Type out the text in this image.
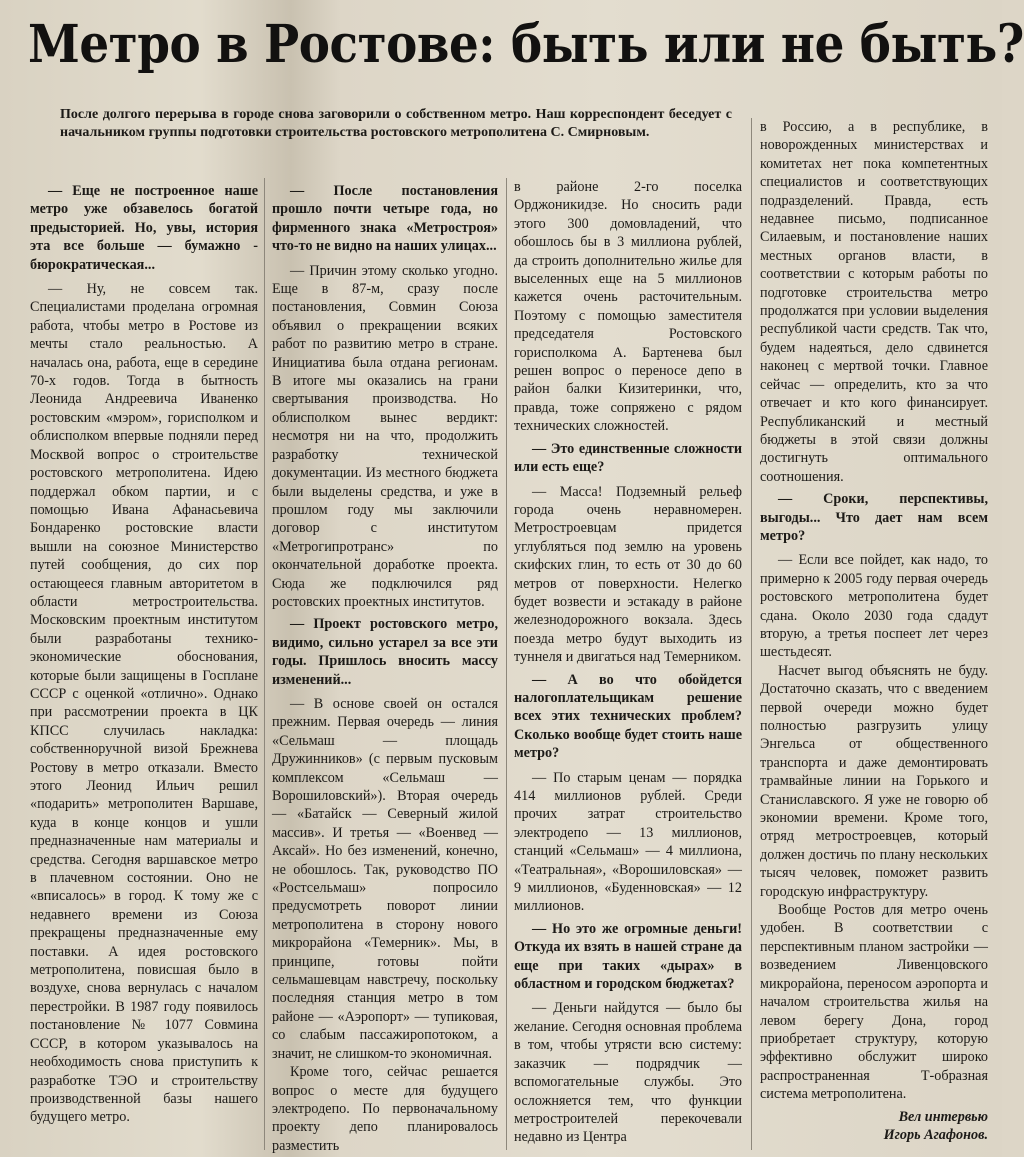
Метро в Ростове: быть или не быть?

После долгого перерыва в городе снова заговорили о собственном метро. Наш корреспондент беседует с начальником группы подготовки строительства ростовского метрополитена С. Смирновым.

— Еще не построенное наше метро уже обзавелось богатой предысторией. Но, увы, история эта все больше — бумажно - бюрократическая...

— Ну, не совсем так. Специалистами проделана огромная работа, чтобы метро в Ростове из мечты стало реальностью. А началась она, работа, еще в середине 70-х годов. Тогда в бытность Леонида Андреевича Иваненко ростовским «мэром», горисполком и облисполком впервые подняли перед Москвой вопрос о строительстве ростовского метрополитена. Идею поддержал обком партии, и с помощью Ивана Афанасьевича Бондаренко ростовские власти вышли на союзное Министерство путей сообщения, до сих пор остающееся главным авторитетом в области метростроительства. Московским проектным институтом были разработаны технико-экономические обоснования, которые были защищены в Госплане СССР с оценкой «отлично». Однако при рассмотрении проекта в ЦК КПСС случилась накладка: собственноручной визой Брежнева Ростову в метро отказали. Вместо этого Леонид Ильич решил «подарить» метрополитен Варшаве, куда в конце концов и ушли предназначенные нам материалы и средства. Сегодня варшавское метро в плачевном состоянии. Оно не «вписалось» в город. К тому же с недавнего времени из Союза прекращены предназначенные ему поставки. А идея ростовского метрополитена, повисшая было в воздухе, снова вернулась с началом перестройки. В 1987 году появилось постановление № 1077 Совмина СССР, в котором указывалось на необходимость снова приступить к разработке ТЭО и строительству производственной базы нашего будущего метро.

— После постановления прошло почти четыре года, но фирменного знака «Метростроя» что-то не видно на наших улицах...

— Причин этому сколько угодно. Еще в 87-м, сразу после постановления, Совмин Союза объявил о прекращении всяких работ по развитию метро в стране. Инициатива была отдана регионам. В итоге мы оказались на грани свертывания производства. Но облисполком вынес вердикт: несмотря ни на что, продолжить разработку технической документации. Из местного бюджета были выделены средства, и уже в прошлом году мы заключили договор с институтом «Метрогипротранс» по окончательной доработке проекта. Сюда же подключился ряд ростовских проектных институтов.

— Проект ростовского метро, видимо, сильно устарел за все эти годы. Пришлось вносить массу изменений...

— В основе своей он остался прежним. Первая очередь — линия «Сельмаш — площадь Дружинников» (с первым пусковым комплексом «Сельмаш — Ворошиловский»). Вторая очередь — «Батайск — Северный жилой массив». И третья — «Военвед — Аксай». Но без изменений, конечно, не обошлось. Так, руководство ПО «Ростсельмаш» попросило предусмотреть поворот линии метрополитена в сторону нового микрорайона «Темерник». Мы, в принципе, готовы пойти сельмашевцам навстречу, поскольку последняя станция метро в том районе — «Аэропорт» — тупиковая, со слабым пассажиропотоком, а значит, не слишком-то экономичная.

Кроме того, сейчас решается вопрос о месте для будущего электродепо. По первоначальному проекту депо планировалось разместить

в районе 2-го поселка Орджоникидзе. Но сносить ради этого 300 домовладений, что обошлось бы в 3 миллиона рублей, да строить дополнительно жилье для выселенных еще на 5 миллионов кажется очень расточительным. Поэтому с помощью заместителя председателя Ростовского горисполкома А. Бартенева был решен вопрос о переносе депо в район балки Кизитеринки, что, правда, тоже сопряжено с рядом технических сложностей.

— Это единственные сложности или есть еще?

— Масса! Подземный рельеф города очень неравномерен. Метростроевцам придется углубляться под землю на уровень скифских глин, то есть от 30 до 60 метров от поверхности. Нелегко будет возвести и эстакаду в районе железнодорожного вокзала. Здесь поезда метро будут выходить из туннеля и двигаться над Темерником.

— А во что обойдется налогоплательщикам решение всех этих технических проблем? Сколько вообще будет стоить наше метро?

— По старым ценам — порядка 414 миллионов рублей. Среди прочих затрат строительство электродепо — 13 миллионов, станций «Сельмаш» — 4 миллиона, «Театральная», «Ворошиловская» — 9 миллионов, «Буденновская» — 12 миллионов.

— Но это же огромные деньги! Откуда их взять в нашей стране да еще при таких «дырах» в областном и городском бюджетах?

— Деньги найдутся — было бы желание. Сегодня основная проблема в том, чтобы утрясти всю систему: заказчик — подрядчик — вспомогательные службы. Это осложняется тем, что функции метростроителей перекочевали недавно из Центра

в Россию, а в республике, в новорожденных министерствах и комитетах нет пока компетентных специалистов и соответствующих подразделений. Правда, есть недавнее письмо, подписанное Силаевым, и постановление наших местных органов власти, в соответствии с которым работы по подготовке строительства метро продолжатся при условии выделения республикой части средств. Так что, будем надеяться, дело сдвинется наконец с мертвой точки. Главное сейчас — определить, кто за что отвечает и кто кого финансирует. Республиканский и местный бюджеты в этой связи должны достигнуть оптимального соотношения.

— Сроки, перспективы, выгоды... Что дает нам всем метро?

— Если все пойдет, как надо, то примерно к 2005 году первая очередь ростовского метрополитена будет сдана. Около 2030 года сдадут вторую, а третья поспеет лет через шестьдесят.

Насчет выгод объяснять не буду. Достаточно сказать, что с введением первой очереди можно будет полностью разгрузить улицу Энгельса от общественного транспорта и даже демонтировать трамвайные линии на Горького и Станиславского. Я уже не говорю об экономии времени. Кроме того, отряд метростроевцев, который должен достичь по плану нескольких тысяч человек, поможет развить городскую инфраструктуру.

Вообще Ростов для метро очень удобен. В соответствии с перспективным планом застройки — возведением Ливенцовского микрорайона, переносом аэропорта и началом строительства жилья на левом берегу Дона, город приобретает структуру, которую эффективно обслужит широко распространенная Т-образная система метрополитена.

Вел интервью

Игорь Агафонов.
